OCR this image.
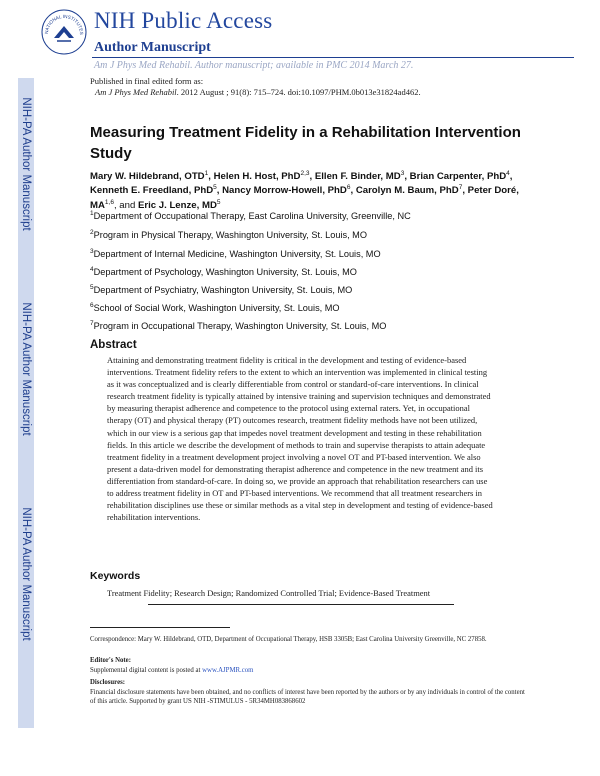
NIH-PA Author Manuscript
NIH-PA Author Manuscript
NIH-PA Author Manuscript
NATIONAL INSTITUTES
NIH Public Access
Author Manuscript
Am J Phys Med Rehabil. Author manuscript; available in PMC 2014 March 27.
Published in final edited form as:
Am J Phys Med Rehabil. 2012 August ; 91(8): 715–724. doi:10.1097/PHM.0b013e31824ad462.
Measuring Treatment Fidelity in a Rehabilitation Intervention Study
Mary W. Hildebrand, OTD$^1$, Helen H. Host, PhD$^{2,3}$, Ellen F. Binder, $MD^3$, Brian Carpenter, PhD$^4$, Kenneth E. Freedland, PhD$^5$, Nancy Morrow-Howell, PhD$^6$, Carolyn M. Baum, PhD$^7$, Peter Doré, MA$^{1,6}$, and Eric J. Lenze, $MD^5$
$^1$Department of Occupational Therapy, East Carolina University, Greenville, NC
$^2$Program in Physical Therapy, Washington University, St. Louis, MO
$^3$Department of Internal Medicine, Washington University, St. Louis, MO
$^4$Department of Psychology, Washington University, St. Louis, MO
$^5$Department of Psychiatry, Washington University, St. Louis, MO
$^6$School of Social Work, Washington University, St. Louis, MO
$^7$Program in Occupational Therapy, Washington University, St. Louis, MO
Abstract
Attaining and demonstrating treatment fidelity is critical in the development and testing of evidence-based interventions. Treatment fidelity refers to the extent to which an intervention was implemented in clinical testing as it was conceptualized and is clearly differentiable from control or standard-of-care interventions. In clinical research treatment fidelity is typically attained by intensive training and supervision techniques and demonstrated by measuring therapist adherence and competence to the protocol using external raters. Yet, in occupational therapy (OT) and physical therapy (PT) outcomes research, treatment fidelity methods have not been utilized, which in our view is a serious gap that impedes novel treatment development and testing in these rehabilitation fields. In this article we describe the development of methods to train and supervise therapists to attain adequate treatment fidelity in a treatment development project involving a novel OT and PT-based intervention. We also present a data-driven model for demonstrating therapist adherence and competence in the new treatment and its differentiation from standard-of-care. In doing so, we provide an approach that rehabilitation researchers can use to address treatment fidelity in OT and PT-based interventions. We recommend that all treatment researchers in rehabilitation disciplines use these or similar methods as a vital step in development and testing of evidence-based rehabilitation interventions.
Keywords
Treatment Fidelity; Research Design; Randomized Controlled Trial; Evidence-Based Treatment
Correspondence: Mary W. Hildebrand, OTD, Department of Occupational Therapy, HSB 3305B; East Carolina University Greenville, NC 27858.
Editor's Note:
Supplemental digital content is posted at www.AJPMR.com
Disclosures:
Financial disclosure statements have been obtained, and no conflicts of interest have been reported by the authors or by any individuals in control of the content of this article. Supported by grant US NIH -STIMULUS - 5R34MH083868602
